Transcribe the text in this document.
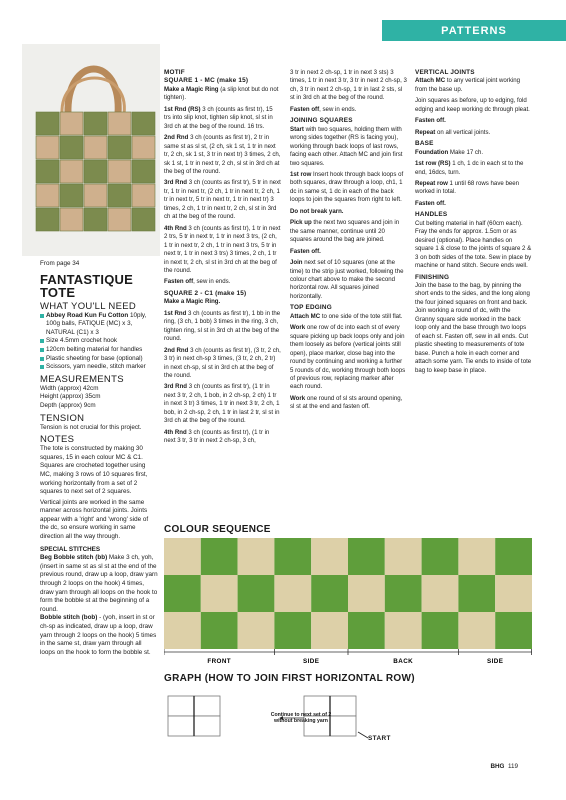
PATTERNS
From page 34
FANTASTIQUE
TOTE
WHAT YOU'LL NEED
Abbey Road Kun Fu Cotton 10ply, 100g balls, FATIQUE (MC) x 3, NATURAL (C1) x 3
Size 4.5mm crochet hook
120cm belting material for handles
Plastic sheeting for base (optional)
Scissors, yarn needle, stitch marker
MEASUREMENTS
Width (approx) 42cm
Height (approx) 35cm
Depth (approx) 9cm
TENSION
Tension is not crucial for this project.
NOTES
The tote is constructed by making 30 squares, 15 in each colour MC & C1. Squares are crocheted together using MC, making 3 rows of 10 squares first, working horizontally from a set of 2 squares to next set of 2 squares.
Vertical joints are worked in the same manner across horizontal joints. Joints appear with a 'right' and 'wrong' side of the dc, so ensure working in same direction all the way through.
SPECIAL STITCHES
Beg Bobble stitch (bb) Make 3 ch, yoh, (insert in same st as sl st at the end of the previous round, draw up a loop, draw yarn through 2 loops on the hook) 4 times, draw yarn through all loops on the hook to form the bobble st at the beginning of a round.
Bobble stitch (bob) - (yoh, insert in st or ch-sp as indicated, draw up a loop, draw yarn through 2 loops on the hook) 5 times in the same st, draw yarn through all loops on the hook to form the bobble st.
MOTIF
SQUARE 1 - MC (make 15)

Make a Magic Ring (a slip knot but do not tighten).

1st Rnd (RS) 3 ch (counts as first tr), 15 trs into slip knot, tighten slip knot, sl st in 3rd ch at the beg of the round. 16 trs.

2nd Rnd 3 ch (counts as first tr), 2 tr in same st as sl st, (2 ch, sk 1 st, 1 tr in next tr, 2 ch, sk 1 st, 3 tr in next tr) 3 times, 2 ch, sk 1 st, 1 tr in next tr, 2 ch, sl st in 3rd ch at the beg of the round.

3rd Rnd 3 ch (counts as first tr), 5 tr in next tr, 1 tr in next tr, (2 ch, 1 tr in next tr, 2 ch, 1 tr in next tr, 5 tr in next tr, 1 tr in next tr) 3 times, 2 ch, 1 tr in next tr, 2 ch, sl st in 3rd ch at the beg of the round.

4th Rnd 3 ch (counts as first tr), 1 tr in next 2 trs, 5 tr in next tr, 1 tr in next 3 trs, (2 ch, 1 tr in next tr, 2 ch, 1 tr in next 3 trs, 5 tr in next tr, 1 tr in next 3 trs) 3 times, 2 ch, 1 tr in next tr, 2 ch, sl st in 3rd ch at the beg of the round.

Fasten off, sew in ends.

SQUARE 2 - C1 (make 15)

Make a Magic Ring.

1st Rnd 3 ch (counts as first tr), 1 bb in the ring, (3 ch, 1 bob) 3 times in the ring, 3 ch, tighten ring, sl st in 3rd ch at the beg of the round.

2nd Rnd 3 ch (counts as first tr), (3 tr, 2 ch, 3 tr) in next ch-sp 3 times, (3 tr, 2 ch, 2 tr) in next ch-sp, sl st in 3rd ch at the beg of the round.

3rd Rnd 3 ch (counts as first tr), (1 tr in next 3 tr, 2 ch, 1 bob, in 2 ch-sp, 2 ch) 1 tr in next 3 tr) 3 times, 1 tr in next 3 tr, 2 ch, 1 bob, in 2 ch-sp, 2 ch, 1 tr in last 2 tr, sl st in 3rd ch at the beg of the round.

4th Rnd 3 ch (counts as first tr), (1 tr in next 3 tr, 3 tr in next 2 ch-sp, 3 ch,

3 tr in next 2 ch-sp, 1 tr in next 3 sts) 3 times, 1 tr in next 3 tr, 3 tr in next 2 ch-sp, 3 ch, 3 tr in next 2 ch-sp, 1 tr in last 2 sts, sl st in 3rd ch at the beg of the round.

Fasten off, sew in ends.

JOINING SQUARES

Start with two squares, holding them with wrong sides together (RS is facing you), working through back loops of last rows, facing each other. Attach MC and join first two squares.

1st row Insert hook through back loops of both squares, draw through a loop, ch1, 1 dc in same st, 1 dc in each of the back loops to join the squares from right to left.

Do not break yarn.

Pick up the next two squares and join in the same manner, continue until 20 squares around the bag are joined.

Fasten off.

Join next set of 10 squares (one at the time) to the strip just worked, following the colour chart above to make the second horizontal row. All squares joined horizontally.

TOP EDGING

Attach MC to one side of the tote still flat.

Work one row of dc into each st of every square picking up back loops only and join them loosely as before (vertical joints still open), place marker, close bag into the round by continuing and working a further 5 rounds of dc, working through both loops of previous row, replacing marker after each round.

Work one round of sl sts around opening, sl st at the end and fasten off.

VERTICAL JOINTS

Attach MC to any vertical joint working from the base up.

Join squares as before, up to edging, fold edging and keep working dc through pleat.

Fasten off.

Repeat on all vertical joints.

BASE

Foundation Make 17 ch.

1st row (RS) 1 ch, 1 dc in each st to the end, 16dcs, turn.

Repeat row 1 until 68 rows have been worked in total.

Fasten off.

HANDLES

Cut belting material in half (60cm each). Fray the ends for approx. 1.5cm or as desired (optional). Place handles on square 1 & close to the joints of square 2 & 3 on both sides of the tote. Sew in place by machine or hand stitch. Secure ends well.

FINISHING

Join the base to the bag, by pinning the short ends to the sides, and the long along the four joined squares on front and back. Join working a round of dc, with the Granny square side worked in the back loop only and the base through two loops of each st. Fasten off, sew in all ends. Cut plastic sheeting to measurements of tote base. Punch a hole in each corner and attach some yarn. Tie ends to inside of tote bag to keep base in place.

COLOUR SEQUENCE
FRONT	SIDE	BACK	SIDE
GRAPH (HOW TO JOIN FIRST HORIZONTAL ROW)
Continue to next set of 2 without breaking yarn
START
BHG 119
